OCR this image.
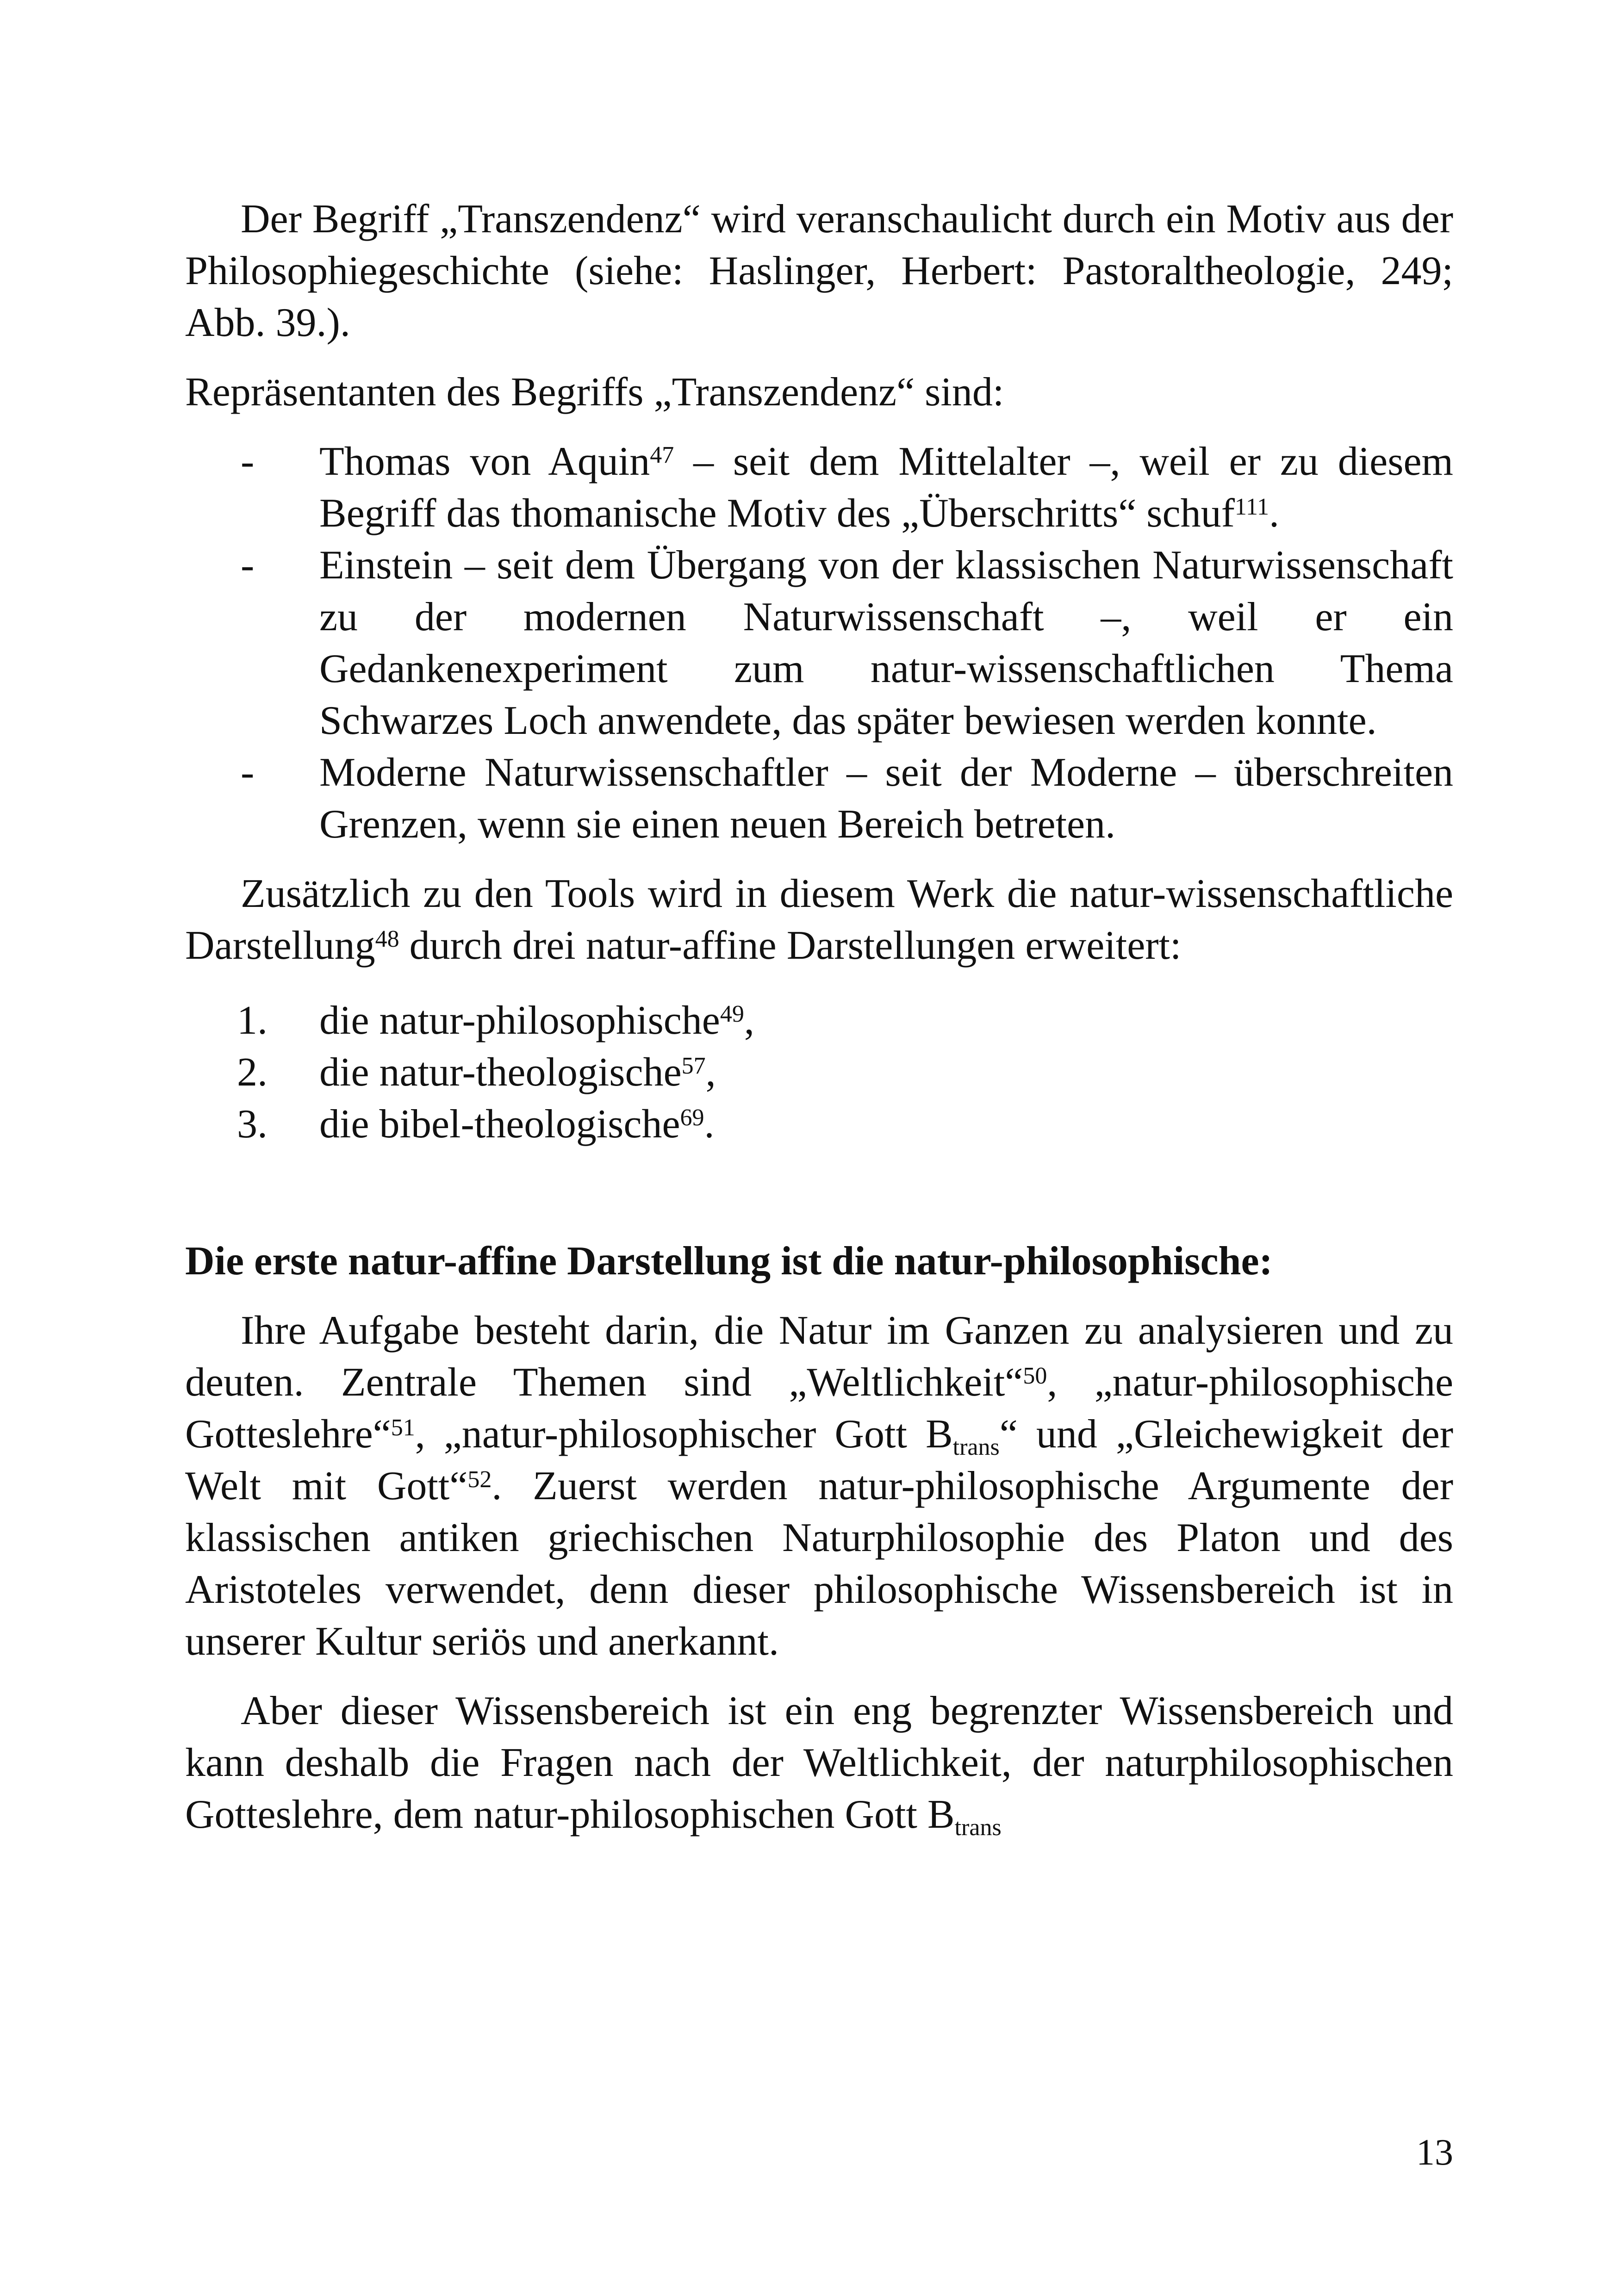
Der Begriff „Transzendenz“ wird veranschaulicht durch ein Motiv aus der Philosophiegeschichte (siehe: Haslinger, Herbert: Pastoraltheologie, 249; Abb. 39.).

Repräsentanten des Begriffs „Transzendenz“ sind:

- Thomas von Aquin$^{47}$ – seit dem Mittelalter –, weil er zu diesem Begriff das thomanische Motiv des „Überschritts“ schuf$^{111}$.
- Einstein – seit dem Übergang von der klassischen Naturwissenschaft zu der modernen Naturwissenschaft –, weil er ein Gedankenexperiment zum natur-wissenschaftlichen Thema Schwarzes Loch anwendete, das später bewiesen werden konnte.
- Moderne Naturwissenschaftler – seit der Moderne – überschreiten Grenzen, wenn sie einen neuen Bereich betreten.

Zusätzlich zu den Tools wird in diesem Werk die natur-wissenschaftliche Darstellung$^{48}$ durch drei natur-affine Darstellungen erweitert:

1. die natur-philosophische$^{49}$,
2. die natur-theologische$^{57}$,
3. die bibel-theologische$^{69}$.
Die erste natur-affine Darstellung ist die natur-philosophische:

Ihre Aufgabe besteht darin, die Natur im Ganzen zu analysieren und zu deuten. Zentrale Themen sind „Weltlichkeit“$^{50}$, „natur-philosophische Gotteslehre“$^{51}$, „natur-philosophischer Gott $B_{trans}“$ und „Gleichewigkeit der Welt mit Gott“$^{52}$. Zuerst werden natur-philosophische Argumente der klassischen antiken griechischen Naturphilosophie des Platon und des Aristoteles verwendet, denn dieser philosophische Wissensbereich ist in unserer Kultur seriös und anerkannt.

Aber dieser Wissensbereich ist ein eng begrenzter Wissensbereich und kann deshalb die Fragen nach der Weltlichkeit, der naturphilosophischen Gotteslehre, dem natur-philosophischen Gott $B_{trans}$

13
